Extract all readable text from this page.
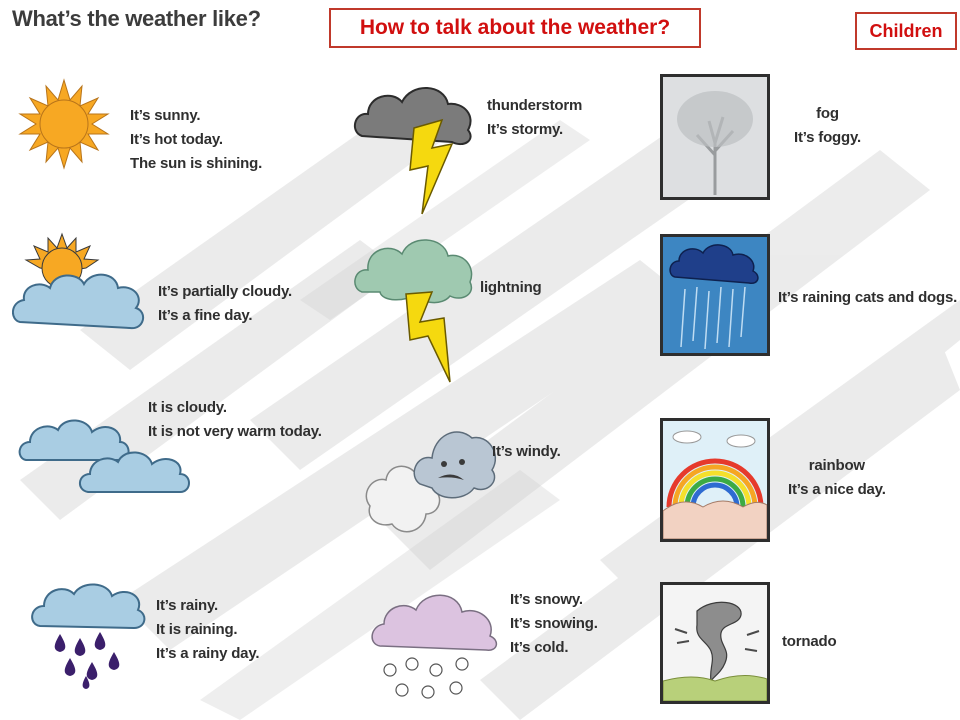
What’s the weather like?	How to talk about the weather?	Children
It’s sunny.
It’s hot today.
The sun is shining.
It’s partially cloudy.
It’s a fine day.
It is cloudy.
It is not very warm today.
It’s rainy.
It is raining.
It’s a rainy day.
thunderstorm
It’s stormy.
lightning
It’s windy.
It’s snowy.
It’s snowing.
It’s cold.
fog
It’s foggy.
It’s raining cats and dogs.
rainbow
It’s a nice day.
tornado
